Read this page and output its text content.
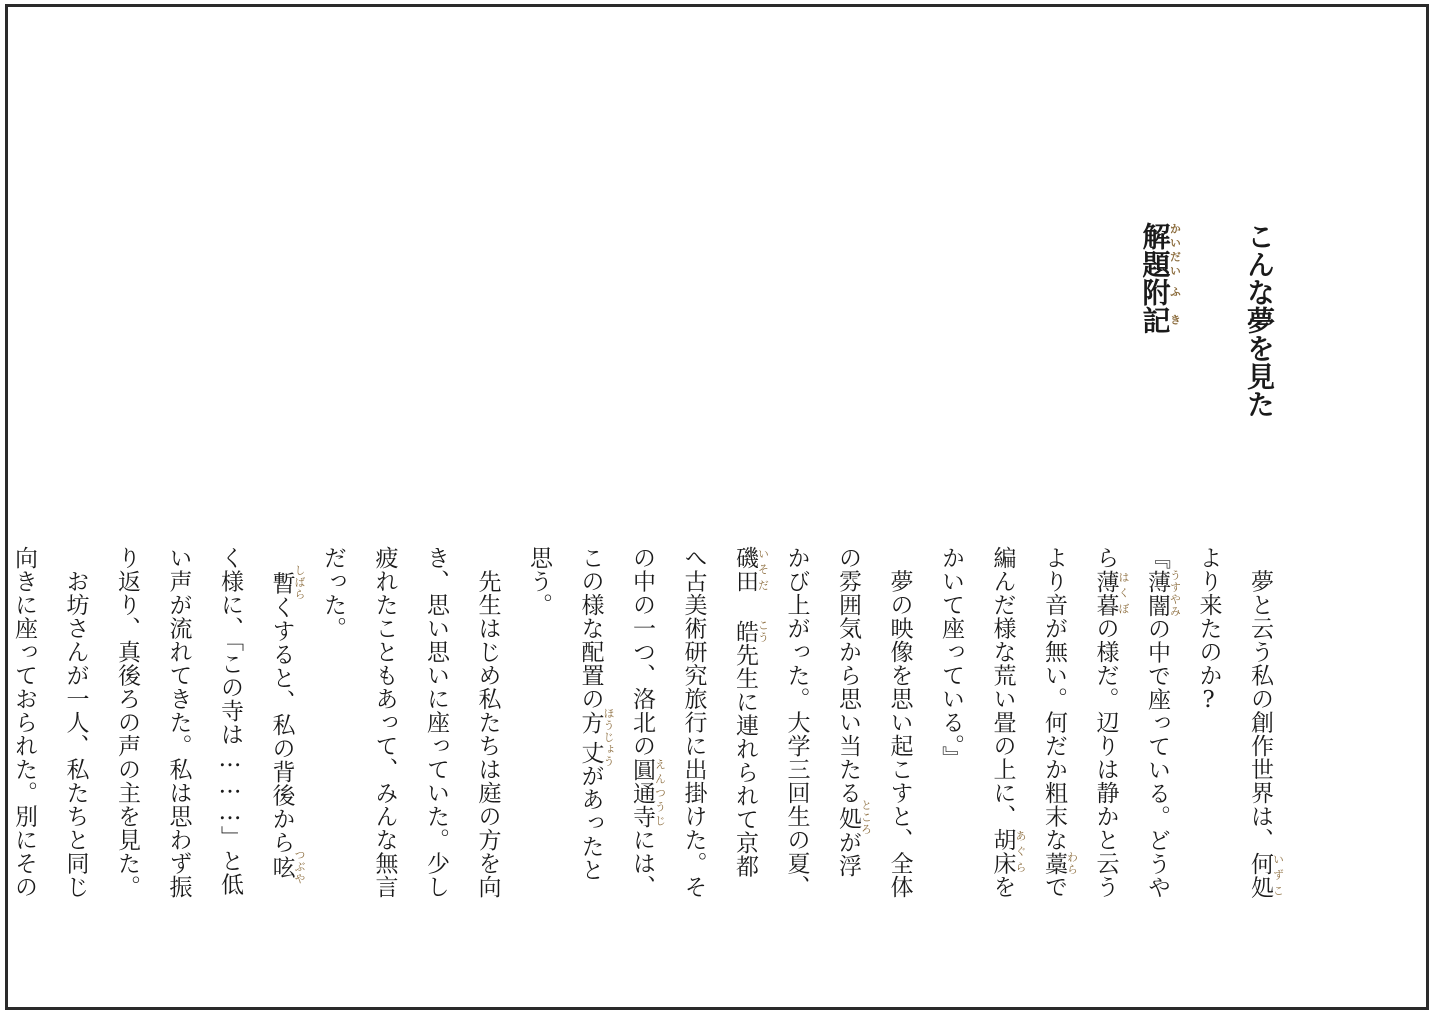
こんな夢を見た
解題かいだい附記ふき

　夢と云う私の創作世界は、何処いずこより来たのか?

『薄闇うすやみの中で座っている。どうやら薄暮はくぼの様だ。辺りは静かと云うより音が無い。何だか粗末な藁わらで編んだ様な荒い畳の上に、胡床あぐらをかいて座っている。』

　夢の映像を思い起こすと、全体の雰囲気から思い当たる処ところが浮かび上がった。大学三回生の夏、磯田いそだ 皓こう先生に連れられて京都へ古美術研究旅行に出掛けた。その中の一つ、洛北の圓通寺えんつうじには、この様な配置の方丈ほうじょうがあったと思う。

　先生はじめ私たちは庭の方を向き、思い思いに座っていた。少し疲れたこともあって、みんな無言だった。

　暫しばらくすると、私の背後から呟つぶやく様に、「この寺は………」と低い声が流れてきた。私は思わず振り返り、真後ろの声の主を見た。

　お坊さんが一人、私たちと同じ向きに座っておられた。別にその
